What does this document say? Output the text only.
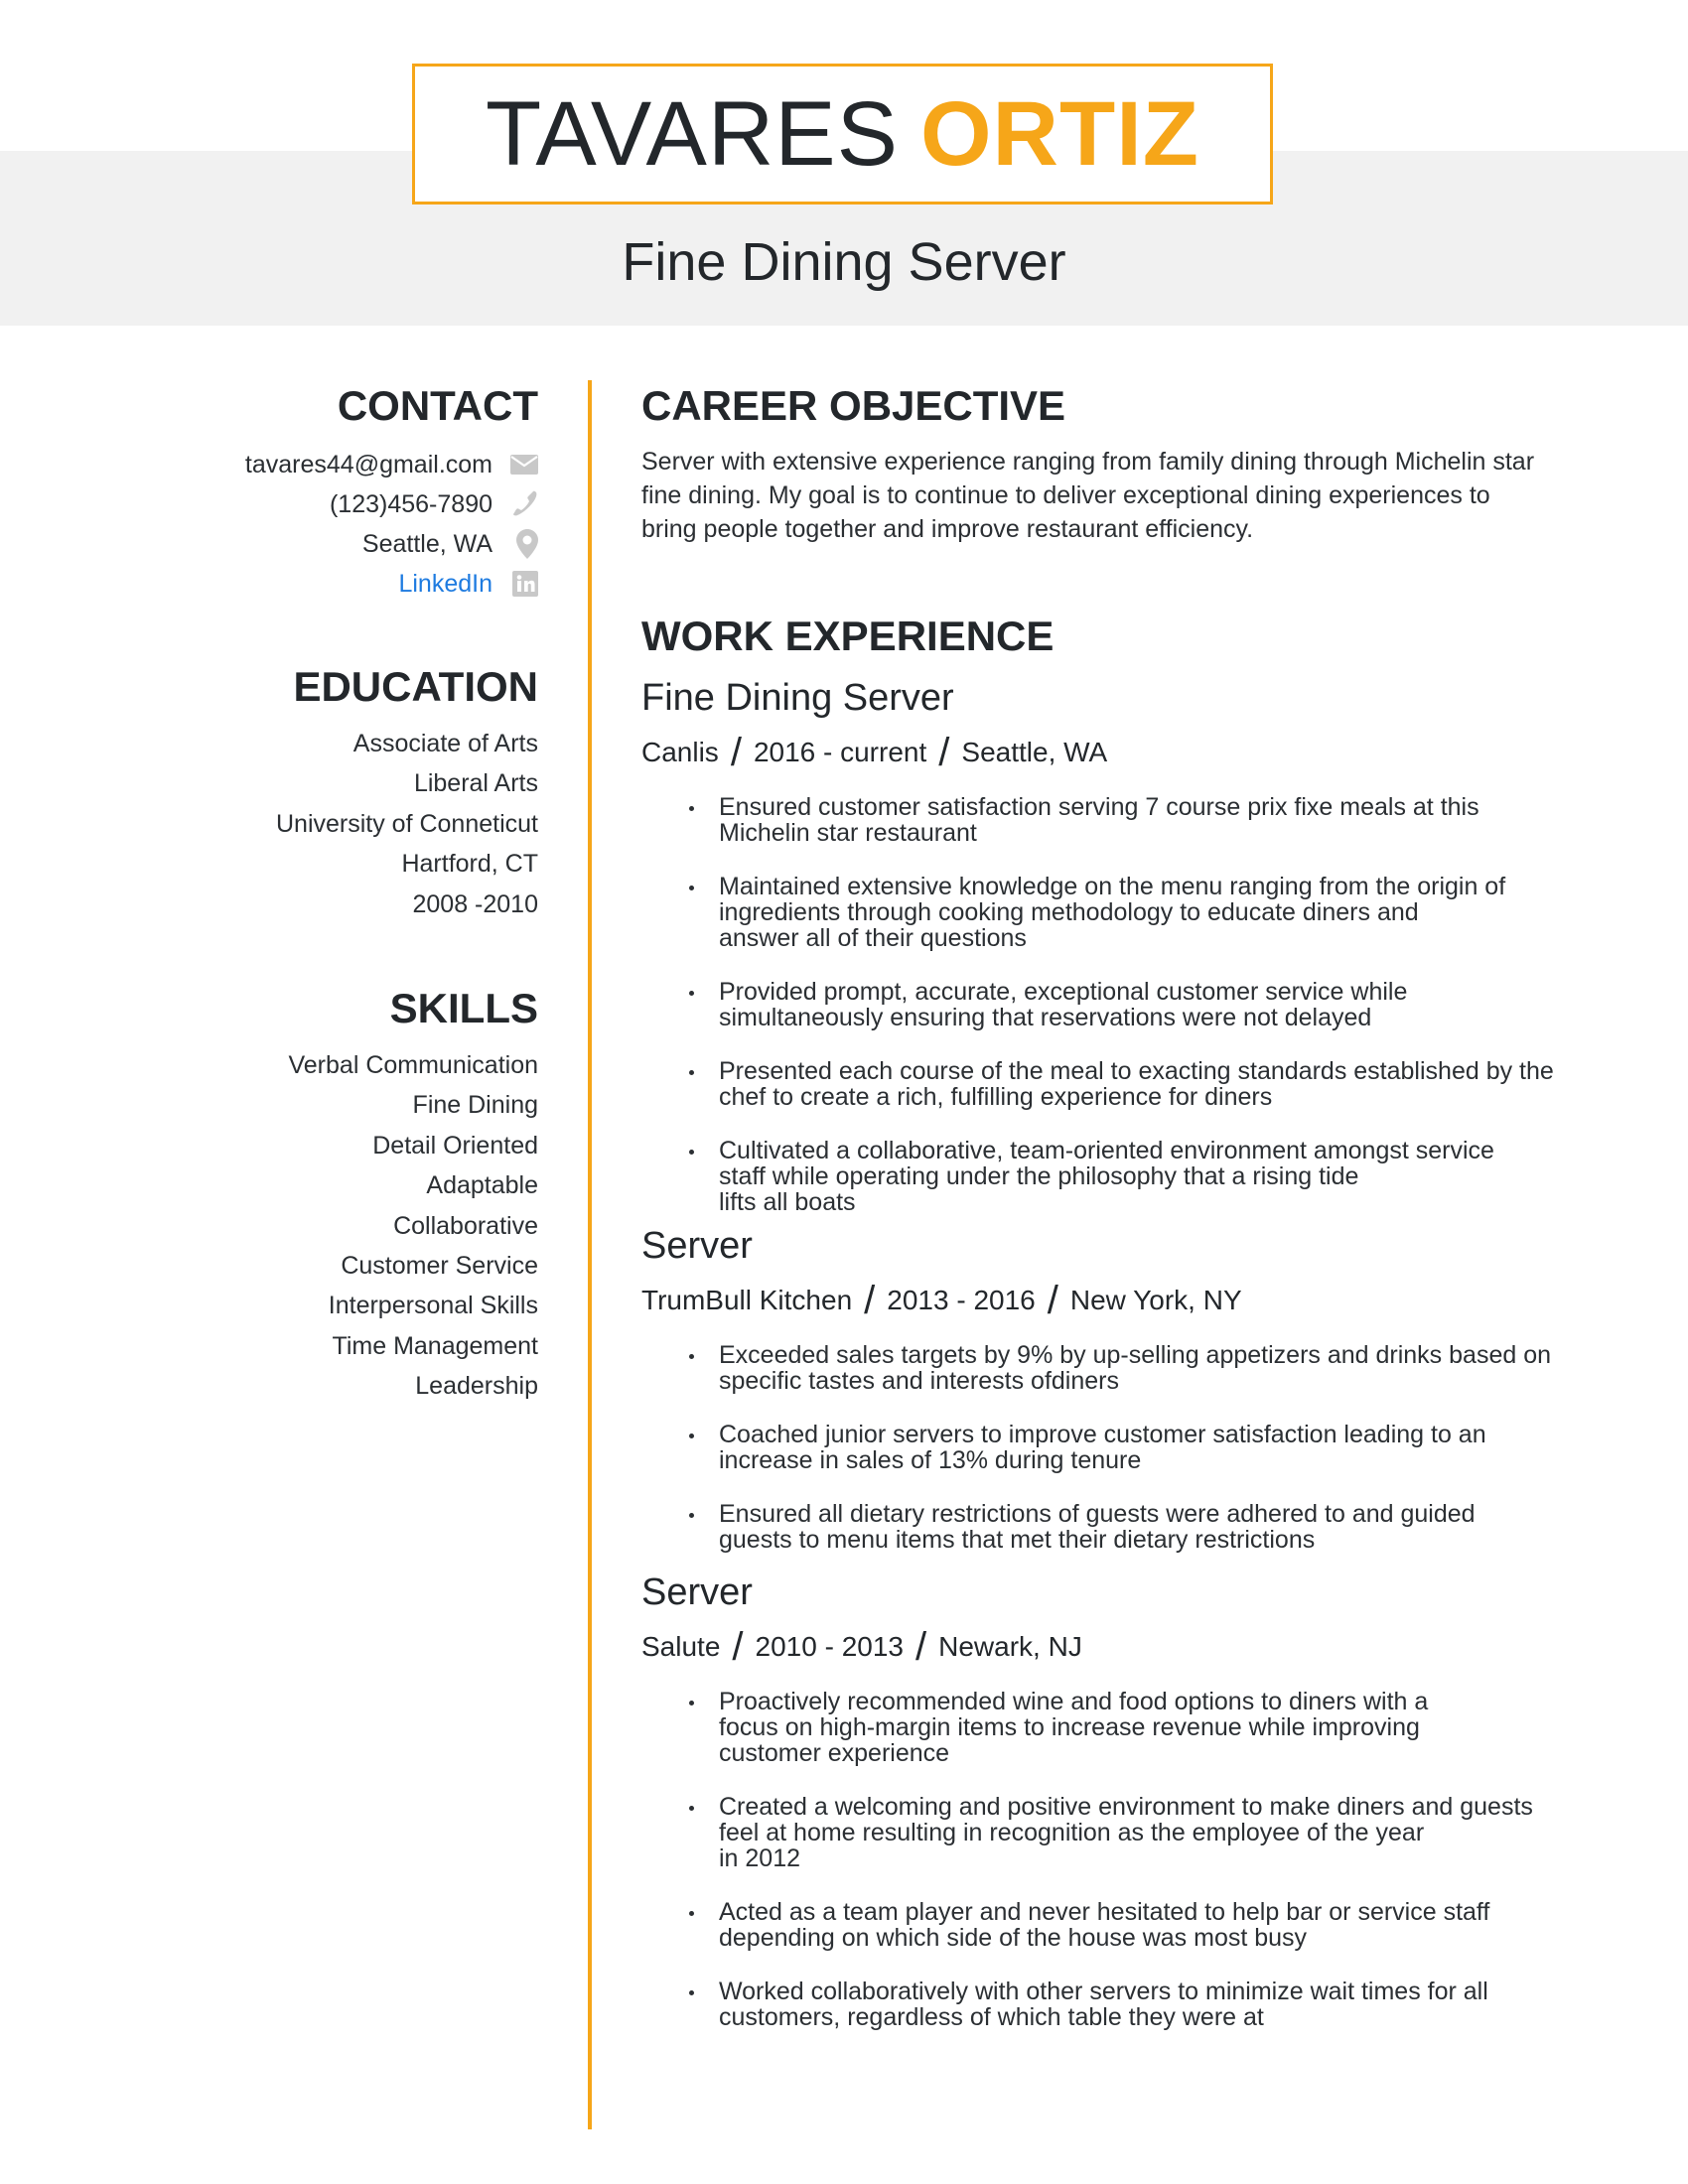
TAVARES ORTIZ
Fine Dining Server
CONTACT
tavares44@gmail.com
(123)456-7890
Seattle, WA
LinkedIn
EDUCATION
Associate of Arts
Liberal Arts
University of Conneticut
Hartford, CT
2008 -2010
SKILLS
Verbal Communication
Fine Dining
Detail Oriented
Adaptable
Collaborative
Customer Service
Interpersonal Skills
Time Management
Leadership
CAREER OBJECTIVE
Server with extensive experience ranging from family dining through Michelin star
fine dining. My goal is to continue to deliver exceptional dining experiences to
bring people together and improve restaurant efficiency.
WORK EXPERIENCE
Fine Dining Server
Canlis / 2016 - current / Seattle, WA
Ensured customer satisfaction serving 7 course prix fixe meals at this
Michelin star restaurant
Maintained extensive knowledge on the menu ranging from the origin of
ingredients through cooking methodology to educate diners and
answer all of their questions
Provided prompt, accurate, exceptional customer service while
simultaneously ensuring that reservations were not delayed
Presented each course of the meal to exacting standards established by the
chef to create a rich, fulfilling experience for diners
Cultivated a collaborative, team-oriented environment amongst service
staff while operating under the philosophy that a rising tide
lifts all boats
Server
TrumBull Kitchen / 2013 - 2016 / New York, NY
Exceeded sales targets by 9% by up-selling appetizers and drinks based on
specific tastes and interests ofdiners
Coached junior servers to improve customer satisfaction leading to an
increase in sales of 13% during tenure
Ensured all dietary restrictions of guests were adhered to and guided
guests to menu items that met their dietary restrictions
Server
Salute / 2010 - 2013 / Newark, NJ
Proactively recommended wine and food options to diners with a
focus on high-margin items to increase revenue while improving
customer experience
Created a welcoming and positive environment to make diners and guests
feel at home resulting in recognition as the employee of the year
in 2012
Acted as a team player and never hesitated to help bar or service staff
depending on which side of the house was most busy
Worked collaboratively with other servers to minimize wait times for all
customers, regardless of which table they were at
